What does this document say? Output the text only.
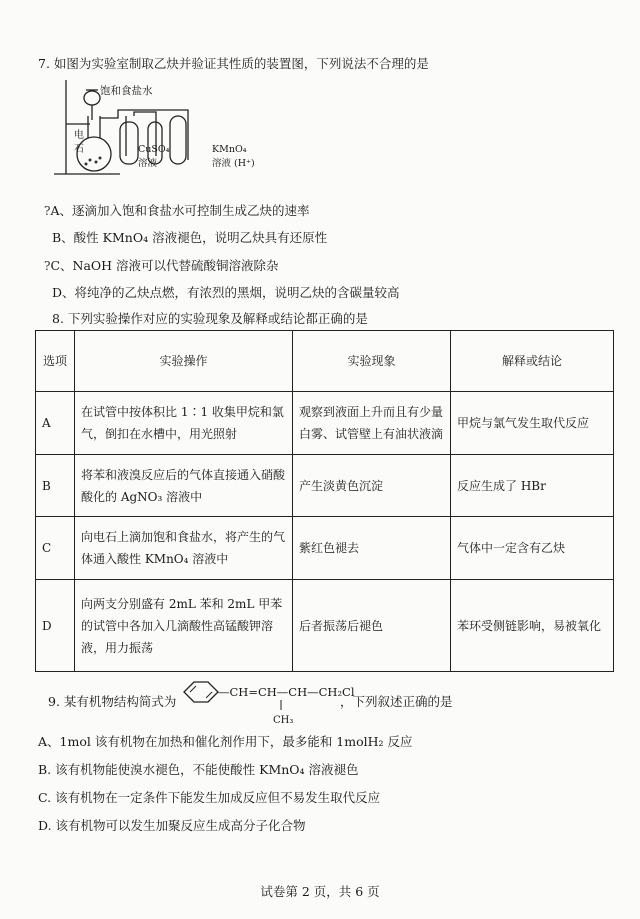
7. 如图为实验室制取乙炔并验证其性质的装置图，下列说法不合理的是
饱和食盐水
电
石	CuSO₄
溶液
KMnO₄
溶液 (H⁺)
?A、逐滴加入饱和食盐水可控制生成乙炔的速率
B、酸性 KMnO₄ 溶液褪色，说明乙炔具有还原性
?C、NaOH 溶液可以代替硫酸铜溶液除杂
D、将纯净的乙炔点燃，有浓烈的黑烟，说明乙炔的含碳量较高
8. 下列实验操作对应的实验现象及解释或结论都正确的是
选项	实验操作	实验现象	解释或结论
A	在试管中按体积比 1∶1 收集甲烷和氯气，倒扣在水槽中，用光照射	观察到液面上升而且有少量白雾、试管壁上有油状液滴	甲烷与氯气发生取代反应
B	将苯和液溴反应后的气体直接通入硝酸酸化的 AgNO₃ 溶液中	产生淡黄色沉淀	反应生成了 HBr
C	向电石上滴加饱和食盐水，将产生的气体通入酸性 KMnO₄ 溶液中	紫红色褪去	气体中一定含有乙炔
D	向两支分别盛有 2mL 苯和 2mL 甲苯的试管中各加入几滴酸性高锰酸钾溶液，用力振荡	后者振荡后褪色	苯环受侧链影响，易被氧化
9. 某有机物结构简式为
—CH=CH—CH—CH₂Cl
CH₃
，下列叙述正确的是
A、1mol 该有机物在加热和催化剂作用下，最多能和 1molH₂ 反应
B. 该有机物能使溴水褪色，不能使酸性 KMnO₄ 溶液褪色
C. 该有机物在一定条件下能发生加成反应但不易发生取代反应
D. 该有机物可以发生加聚反应生成高分子化合物
试卷第 2 页，共 6 页
